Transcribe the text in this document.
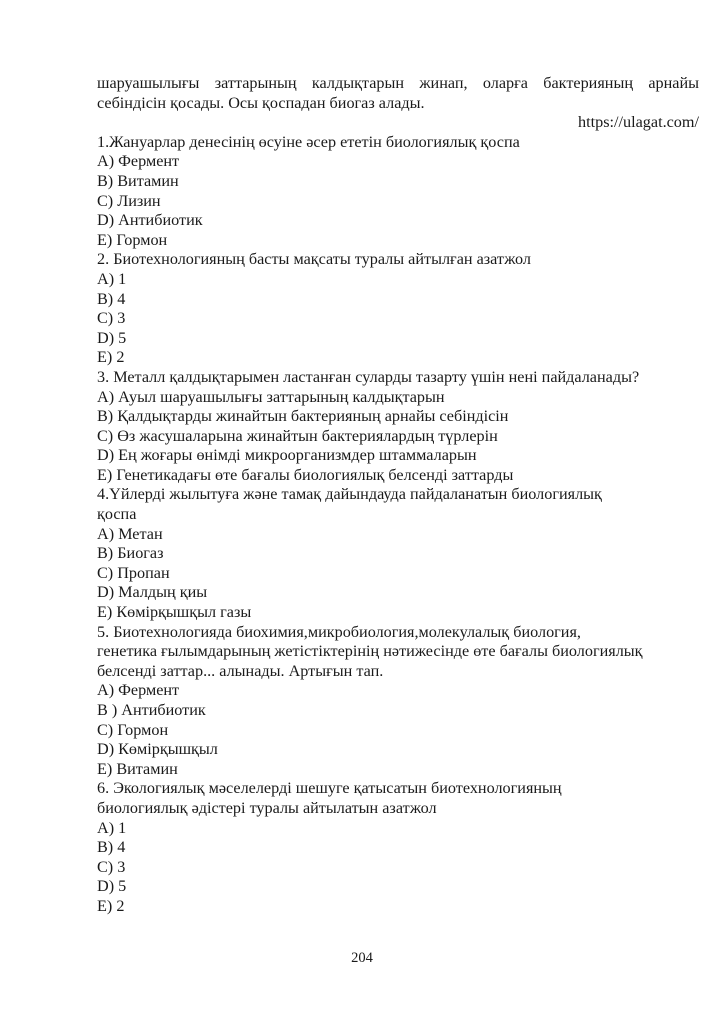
шаруашылығы заттарының калдықтарын жинап, оларға бактерияның арнайы
себіндісін қосады. Осы қоспадан биогаз алады.
https://ulagat.com/
1.Жануарлар денесінің өсуіне әсер ететін биологиялық қоспа
A) Фермент
B) Витамин
C) Лизин
D) Антибиотик
E) Гормон
2. Биотехнологияның басты мақсаты туралы айтылған азатжол
A) 1
B) 4
C) 3
D) 5
E) 2
3. Металл қалдықтарымен ластанған суларды тазарту үшін нені пайдаланады?
A) Ауыл шаруашылығы заттарының калдықтарын
B) Қалдықтарды жинайтын бактерияның арнайы себіндісін
C) Өз жасушаларына жинайтын бактериялардың түрлерін
D) Ең жоғары өнімді микроорганизмдер штаммаларын
E) Генетикадағы өте бағалы биологиялық белсенді заттарды
4.Үйлерді жылытуға және тамақ дайындауда пайдаланатын биологиялық
қоспа
A) Метан
B) Биогаз
C) Пропан
D) Малдың қиы
E) Көмірқышқыл газы
5. Биотехнологияда биохимия,микробиология,молекулалық биология,
генетика ғылымдарының жетістіктерінің нәтижесінде өте бағалы биологиялық
белсенді заттар... алынады. Артығын тап.
A) Фермент
B ) Антибиотик
C) Гормон
D) Көмірқышқыл
E) Витамин
6. Экологиялық мәселелерді шешуге қатысатын биотехнологияның
биологиялық әдістері туралы айтылатын азатжол
A) 1
B) 4
C) 3
D) 5
E) 2
204
